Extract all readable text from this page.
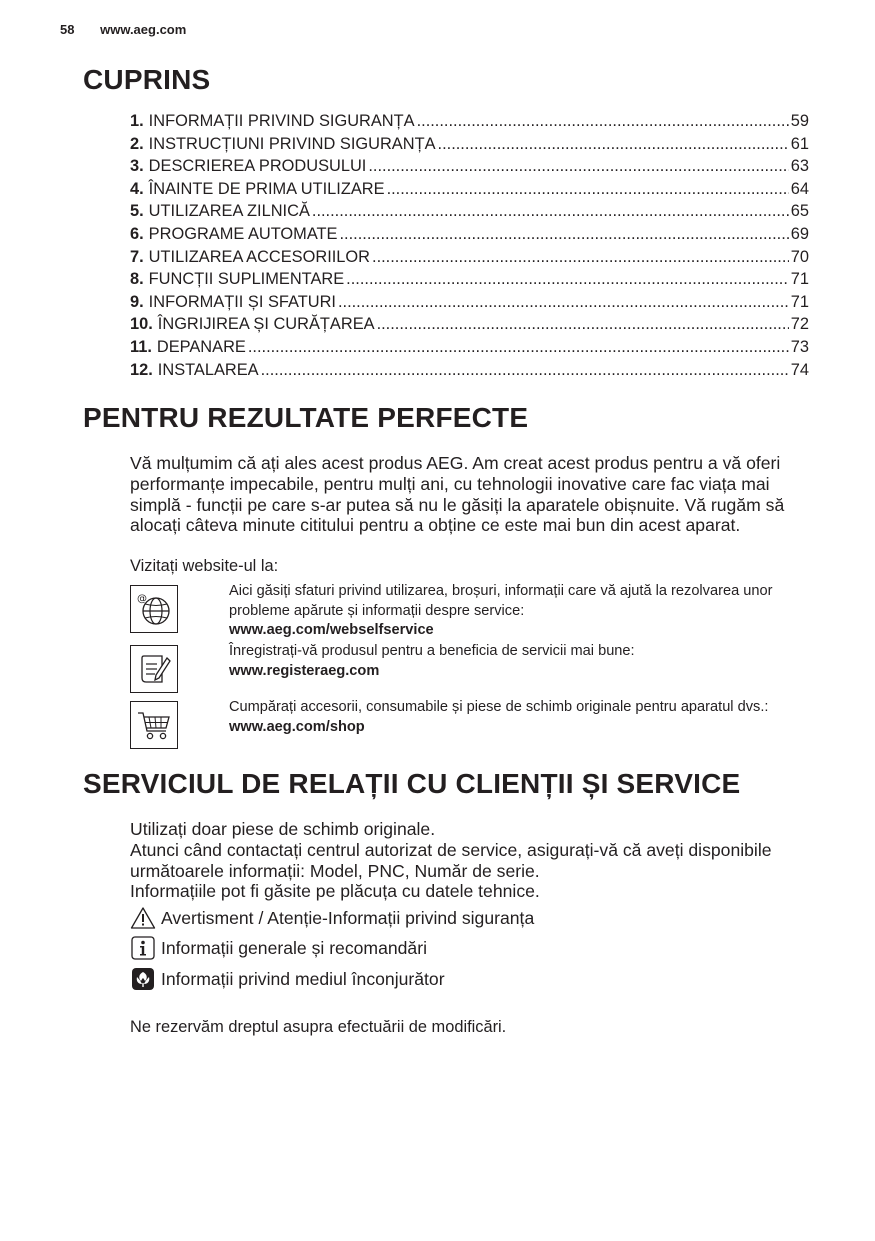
58 www.aeg.com
CUPRINS
1. INFORMAȚII PRIVIND SIGURANȚA .....	59
2. INSTRUCȚIUNI PRIVIND SIGURANȚA .....	61
3. DESCRIEREA PRODUSULUI .....	63
4. ÎNAINTE DE PRIMA UTILIZARE .....	64
5. UTILIZAREA ZILNICĂ .....	65
6. PROGRAME AUTOMATE .....	69
7. UTILIZAREA ACCESORIILOR .....	70
8. FUNCȚII SUPLIMENTARE .....	71
9. INFORMAȚII ȘI SFATURI .....	71
10. ÎNGRIJIREA ȘI CURĂȚAREA .....	72
11. DEPANARE .....	73
12. INSTALAREA .....	74
PENTRU REZULTATE PERFECTE

Vă mulțumim că ați ales acest produs AEG. Am creat acest produs pentru a vă oferi performanțe impecabile, pentru mulți ani, cu tehnologii inovative care fac viața mai simplă - funcții pe care s-ar putea să nu le găsiți la aparatele obișnuite. Vă rugăm să alocați câteva minute cititului pentru a obține ce este mai bun din acest aparat.

Vizitați website-ul la:

@	Aici găsiți sfaturi privind utilizarea, broșuri, informații care vă ajută la rezolvarea unor probleme apărute și informații despre service:
www.aeg.com/webselfservice
Înregistrați-vă produsul pentru a beneficia de servicii mai bune:
www.registeraeg.com
Cumpărați accesorii, consumabile și piese de schimb originale pentru aparatul dvs.:
www.aeg.com/shop
SERVICIUL DE RELAȚII CU CLIENȚII ȘI SERVICE
Utilizați doar piese de schimb originale.
Atunci când contactați centrul autorizat de service, asigurați-vă că aveți disponibile următoarele informații: Model, PNC, Număr de serie.
Informațiile pot fi găsite pe plăcuța cu datele tehnice.
Avertisment / Atenție-Informații privind siguranța
Informații generale și recomandări
Informații privind mediul înconjurător
Ne rezervăm dreptul asupra efectuării de modificări.
